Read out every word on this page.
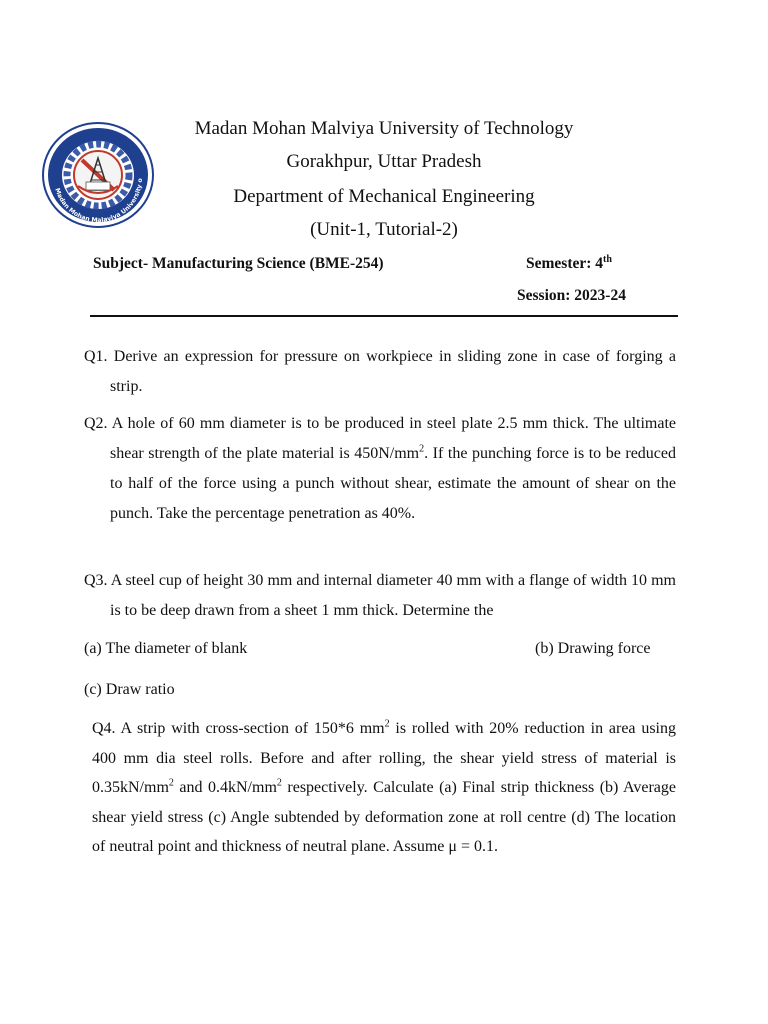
Madan Mohan Malaviya University o
Madan Mohan Malviya University of Technology
Gorakhpur, Uttar Pradesh
Department of Mechanical Engineering
(Unit-1, Tutorial-2)
Subject- Manufacturing Science (BME-254)	Semester: 4th
Session: 2023-24

Q1. Derive an expression for pressure on workpiece in sliding zone in case of forging a strip.

Q2. A hole of 60 mm diameter is to be produced in steel plate 2.5 mm thick. The ultimate shear strength of the plate material is $450N/mm^2$. If the punching force is to be reduced to half of the force using a punch without shear, estimate the amount of shear on the punch. Take the percentage penetration as 40%.

Q3. A steel cup of height 30 mm and internal diameter 40 mm with a flange of width 10 mm is to be deep drawn from a sheet 1 mm thick. Determine the

(a) The diameter of blank	(b) Drawing force
(c) Draw ratio

Q4. A strip with cross-section of 150*6 $mm^2$ is rolled with 20% reduction in area using 400 mm dia steel rolls. Before and after rolling, the shear yield stress of material is $0.35kN/mm^2$ and $0.4kN/mm^2$ respectively. Calculate (a) Final strip thickness (b) Average shear yield stress (c) Angle subtended by deformation zone at roll centre (d) The location of neutral point and thickness of neutral plane. Assume μ = 0.1.
